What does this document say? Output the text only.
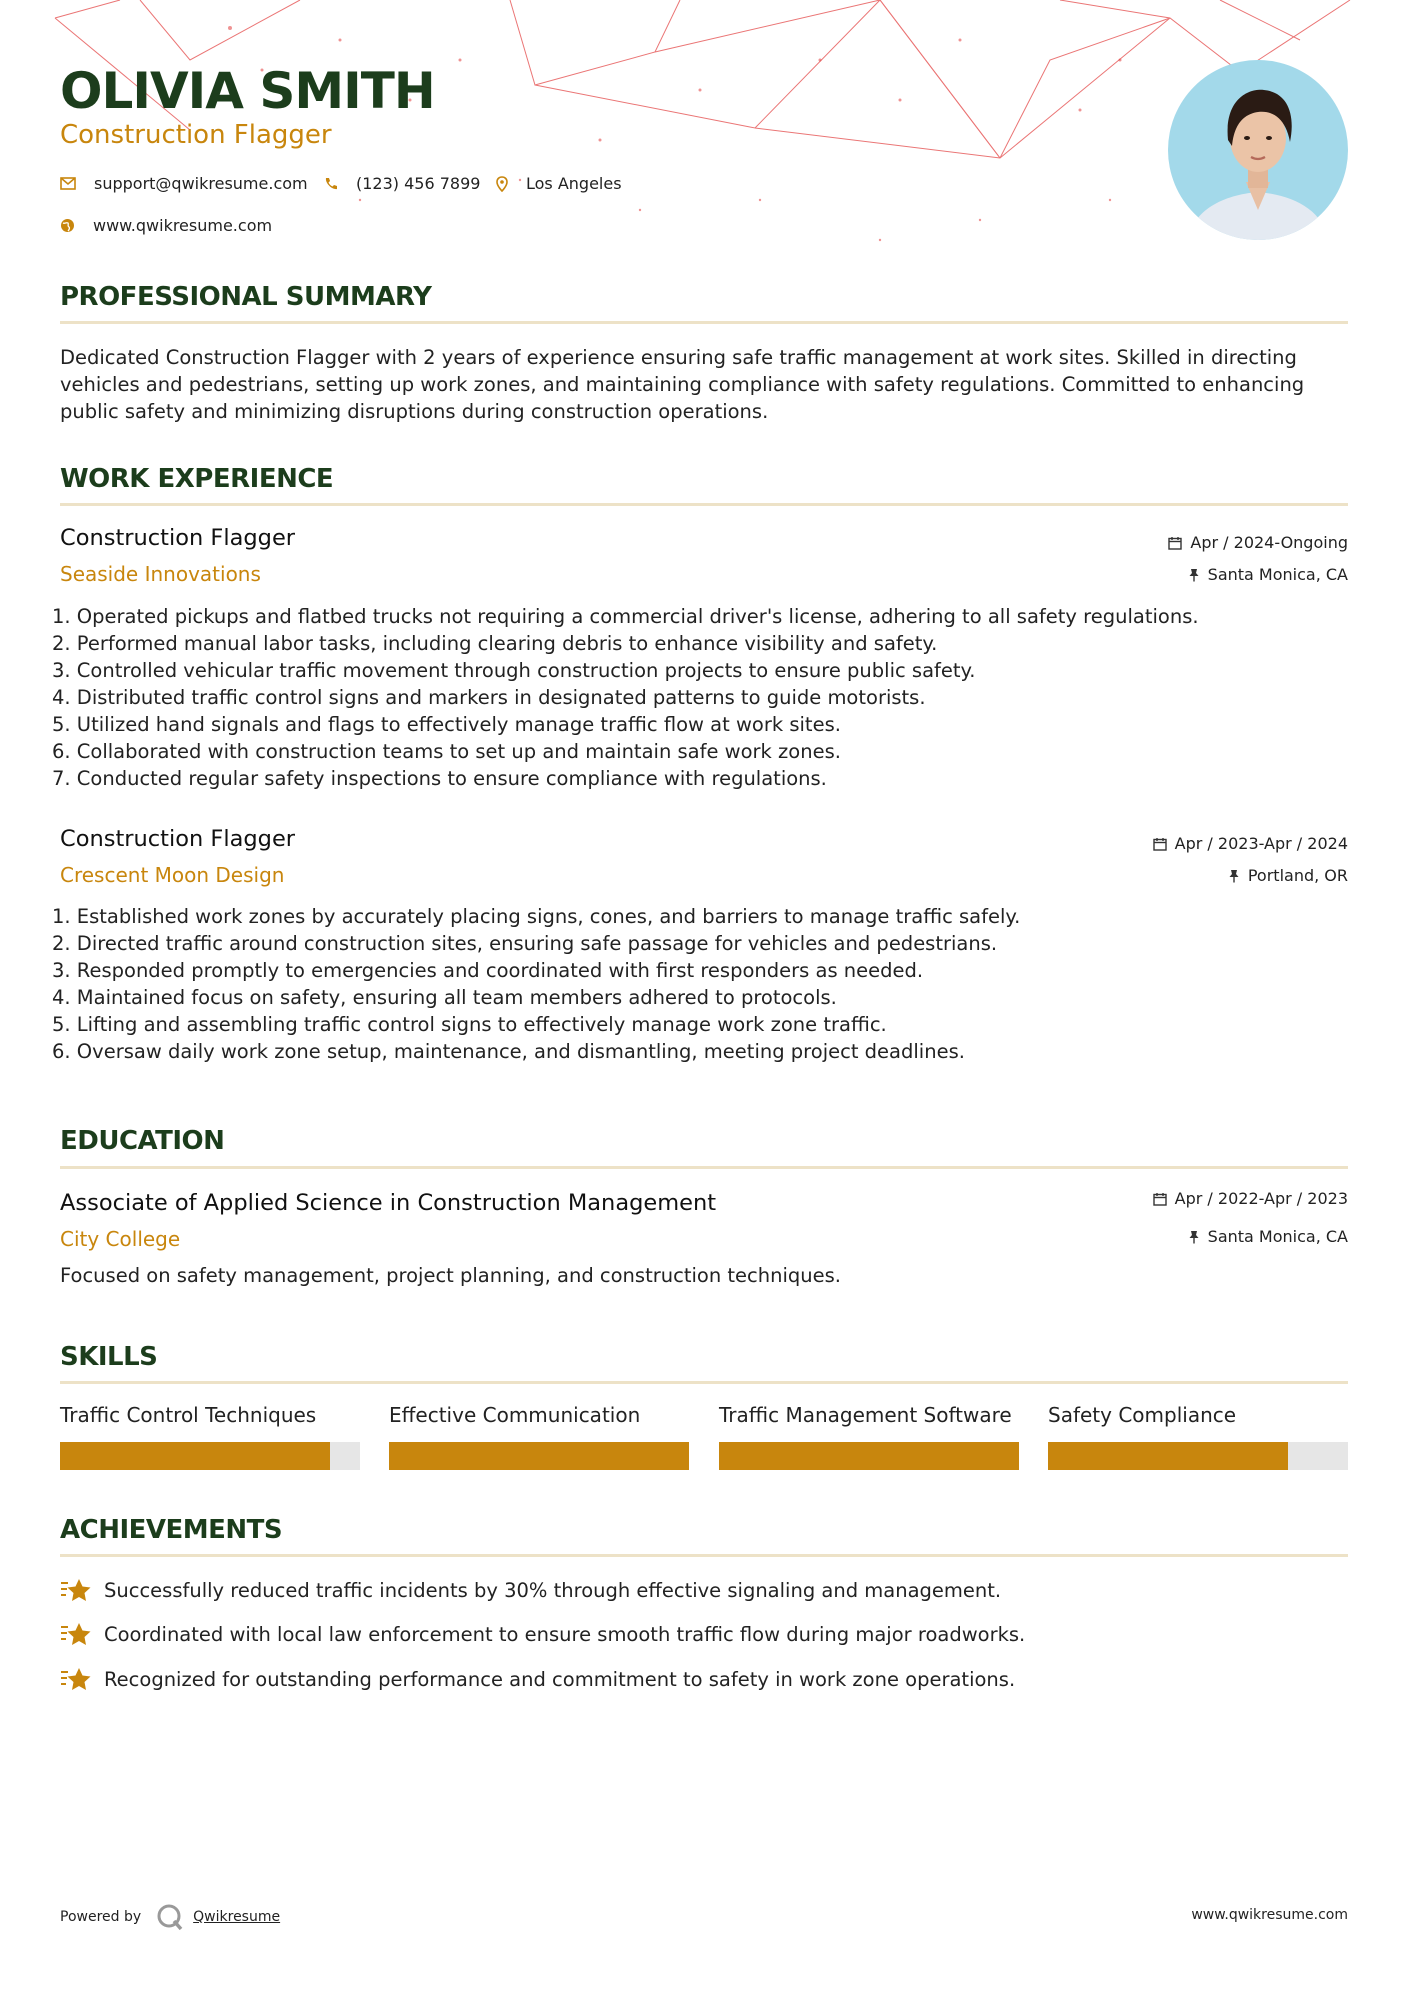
OLIVIA SMITH
Construction Flagger
support@qwikresume.com	(123) 456 7899	Los Angeles
www.qwikresume.com
PROFESSIONAL SUMMARY
Dedicated Construction Flagger with 2 years of experience ensuring safe traffic management at work sites. Skilled in directing vehicles and pedestrians, setting up work zones, and maintaining compliance with safety regulations. Committed to enhancing public safety and minimizing disruptions during construction operations.
WORK EXPERIENCE
Construction Flagger
Seaside Innovations
Apr / 2024-Ongoing
Santa Monica, CA
1. Operated pickups and flatbed trucks not requiring a commercial driver's license, adhering to all safety regulations.
2. Performed manual labor tasks, including clearing debris to enhance visibility and safety.
3. Controlled vehicular traffic movement through construction projects to ensure public safety.
4. Distributed traffic control signs and markers in designated patterns to guide motorists.
5. Utilized hand signals and flags to effectively manage traffic flow at work sites.
6. Collaborated with construction teams to set up and maintain safe work zones.
7. Conducted regular safety inspections to ensure compliance with regulations.
Construction Flagger
Crescent Moon Design
Apr / 2023-Apr / 2024
Portland, OR
1. Established work zones by accurately placing signs, cones, and barriers to manage traffic safely.
2. Directed traffic around construction sites, ensuring safe passage for vehicles and pedestrians.
3. Responded promptly to emergencies and coordinated with first responders as needed.
4. Maintained focus on safety, ensuring all team members adhered to protocols.
5. Lifting and assembling traffic control signs to effectively manage work zone traffic.
6. Oversaw daily work zone setup, maintenance, and dismantling, meeting project deadlines.
EDUCATION
Associate of Applied Science in Construction Management
City College
Apr / 2022-Apr / 2023
Santa Monica, CA
Focused on safety management, project planning, and construction techniques.
SKILLS
Traffic Control Techniques	Effective Communication	Traffic Management Software Safety Compliance
ACHIEVEMENTS
Successfully reduced traffic incidents by 30% through effective signaling and management.
Coordinated with local law enforcement to ensure smooth traffic flow during major roadworks.
Recognized for outstanding performance and commitment to safety in work zone operations.
Powered by	Qwikresume	www.qwikresume.com
